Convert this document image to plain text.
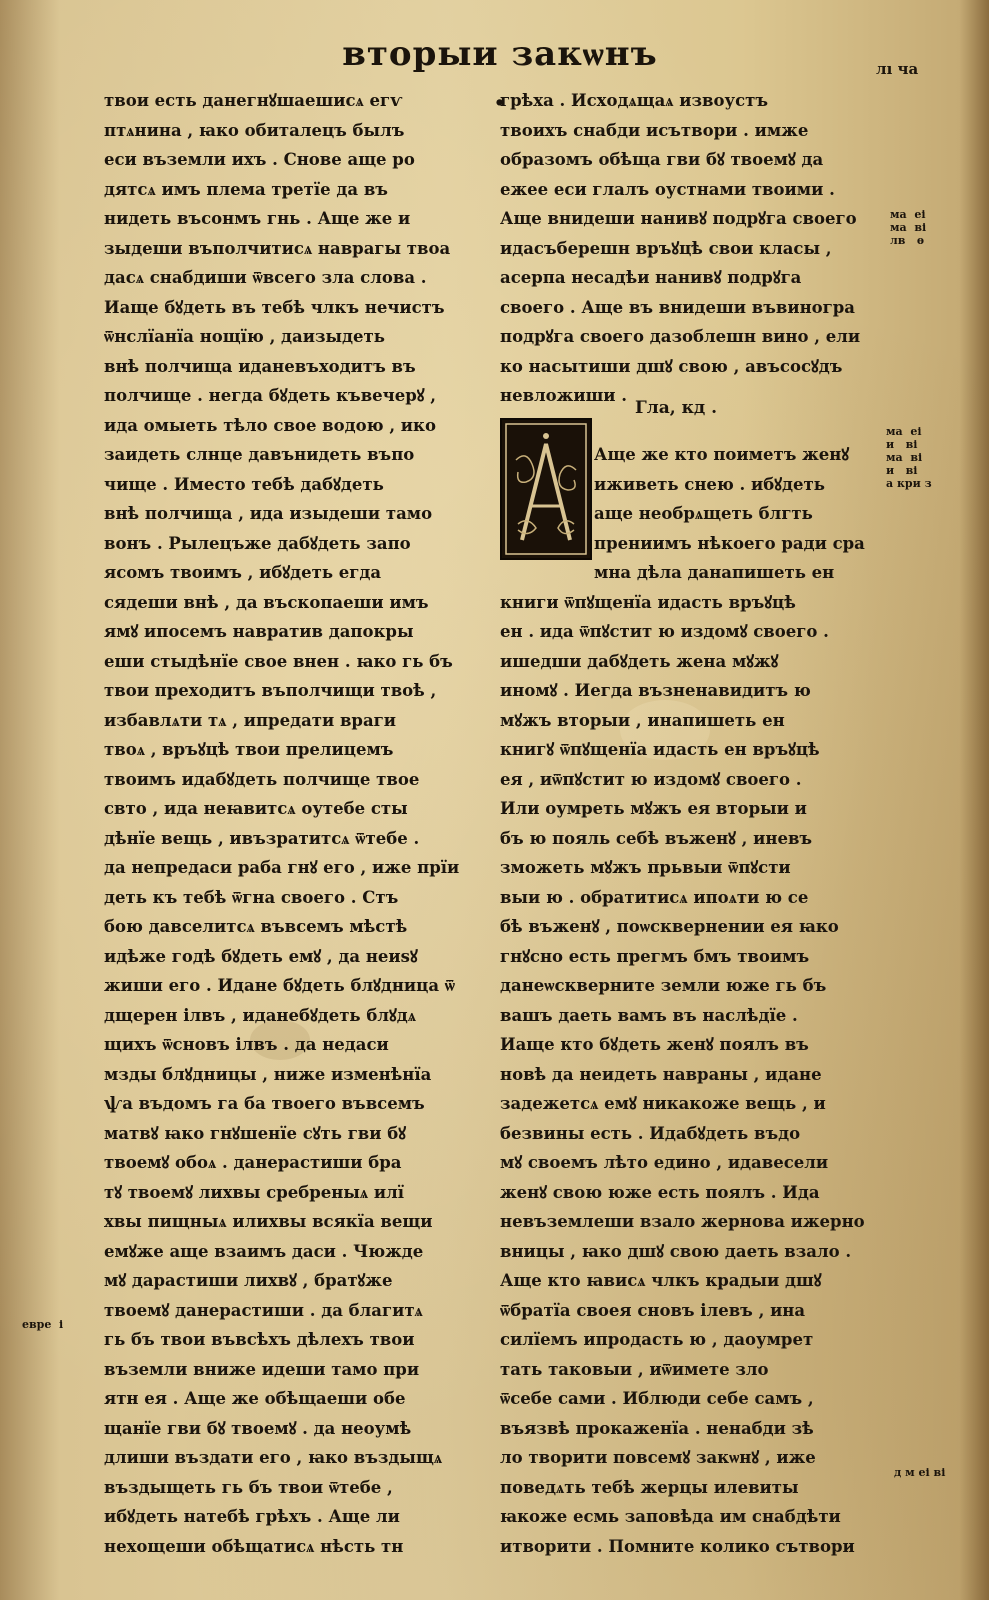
вторыи закѡнъ .
лı ча
твои есть данегнꙋшаешисѧ егѵ
птѧнина , ꙗко обиталецъ былъ
еси въземли ихъ . Снове аще ро
дятсѧ имъ плема третїе да въ
нидеть въсонмъ гнь . Аще же и
зыдеши въполчитисѧ наврагы твоа
дасѧ снабдиши ѿвсего зла слова .
Иаще бꙋдеть въ тебѣ члкъ нечистъ
ѿнслїанїа нощїю , даизыдеть
внѣ полчища иданевъходитъ въ
полчище . негда бꙋдеть къвечерꙋ ,
ида омыеть тѣло свое водою , ико
заидеть слнце давънидеть въпо
чище . Иместо тебѣ дабꙋдеть
внѣ полчища , ида изыдеши тамо
вонъ . Рылецъже дабꙋдеть запо
ясомъ твоимъ , ибꙋдеть егда
сядеши внѣ , да въскопаеши имъ
ямꙋ ипосемъ навратив дапокры
еши стыдѣнїе свое внен . ꙗко гь бъ
твои преходитъ въполчищи твоѣ ,
избавлѧти тѧ , ипредати враги
твоѧ , връꙋцѣ твои прелицемъ
твоимъ идабꙋдеть полчище твое
свто , ида неꙗвитсѧ оутебе сты
дѣнїе вещь , ивъзратитсѧ ѿтебе .
да непредаси раба гнꙋ его , иже прїи
деть къ тебѣ ѿгна своего . Стъ
бою давселитсѧ въвсемъ мѣстѣ
идѣже годѣ бꙋдеть емꙋ , да неиѕꙋ
жиши его . Идане бꙋдеть блꙋдница ѿ
дщерен ілвъ , иданебꙋдеть блꙋдѧ
щихъ ѿсновъ ілвъ . да недаси
мзды блꙋдницы , ниже изменѣнїа
ѱа въдомъ га ба твоего въвсемъ
матвꙋ ꙗко гнꙋшенїе сꙋть гви бꙋ
твоемꙋ обоѧ . данерастиши бра
тꙋ твоемꙋ лихвы сребреныѧ илї
хвы пищныѧ илихвы всякїа вещи
емꙋже аще взаимъ даси . Чюжде
мꙋ дарастиши лихвꙋ , братꙋже
твоемꙋ данерастиши . да благитѧ
гь бъ твои въвсѣхъ дѣлехъ твои
въземли вниже идеши тамо при
ятн ея . Аще же обѣщаеши обе
щанїе гви бꙋ твоемꙋ . да неоумѣ
длиши въздати его , ꙗко въздыщѧ
въздыщеть гь бъ твои ѿтебе ,
ибꙋдеть натебѣ грѣхъ . Аще ли
нехощеши обѣщатисѧ нѣсть тн
грѣха . Исходѧщаѧ извоустъ
твоихъ снабди исътвори . имже
образомъ обѣща гви бꙋ твоемꙋ да
ежее еси глалъ оустнами твоими .
Аще внидеши нанивꙋ подрꙋга своего
идасъберешн връꙋцѣ свои класы ,
асерпа несадѣи нанивꙋ подрꙋга
своего . Аще въ внидеши въвиногра
подрꙋга своего дазоблешн вино , ели
ко насытиши дшꙋ свою , авъсосꙋдъ
невложиши .
Аще же кто поиметъ женꙋ
иживеть снею . ибꙋдеть
аще необрѧщеть блгть
прениимъ нѣкоего ради сра
мна дѣла данапишеть ен
книги ѿпꙋщенїа идасть връꙋцѣ
ен . ида ѿпꙋстит ю издомꙋ своего .
ишедши дабꙋдеть жена мꙋжꙋ
иномꙋ . Иегда възненавидитъ ю
мꙋжъ вторыи , инапишеть ен
книгꙋ ѿпꙋщенїа идасть ен връꙋцѣ
ея , иѿпꙋстит ю издомꙋ своего .
Или оумреть мꙋжъ ея вторыи и
бъ ю пояль себѣ въженꙋ , иневъ
зможеть мꙋжъ прьвыи ѿпꙋсти
выи ю . обратитисѧ ипоѧти ю се
бѣ въженꙋ , поѡсквернении ея ꙗко
гнꙋсно есть прегмъ бмъ твоимъ
данеѡскверните земли юже гь бъ
вашъ даеть вамъ въ наслѣдїе .
Иаще кто бꙋдеть женꙋ поялъ въ
новѣ да неидеть навраны , иданe
задежетсѧ емꙋ никакоже вещь , и
безвины есть . Идабꙋдеть въдо
мꙋ своемъ лѣто едино , идавесели
женꙋ свою юже есть поялъ . Ида
невъземлеши взало жернова ижерно
вницы , ꙗко дшꙋ свою даеть взало .
Аще кто ꙗвисѧ члкъ крадыи дшꙋ
ѿбратїа своея сновъ ілевъ , ина
силїемъ ипродасть ю , даоумрет
тать таковыи , иѿимете зло
ѿсебе сами . Иблюди себе самъ ,
въязвѣ прокаженїа . ненабди зѣ
ло творити повсемꙋ закѡнꙋ , иже
поведѧть тебѣ жерцы илевиты
ꙗкоже есмь заповѣда им снабдѣти
итворити . Помните колико сътвори
Гла, кд .
ма  еі
ма  ві
лв   ѳ
ма  еі
и   ві
ма  ві
и   ві
а кри з
евре  і
д м еі ві
